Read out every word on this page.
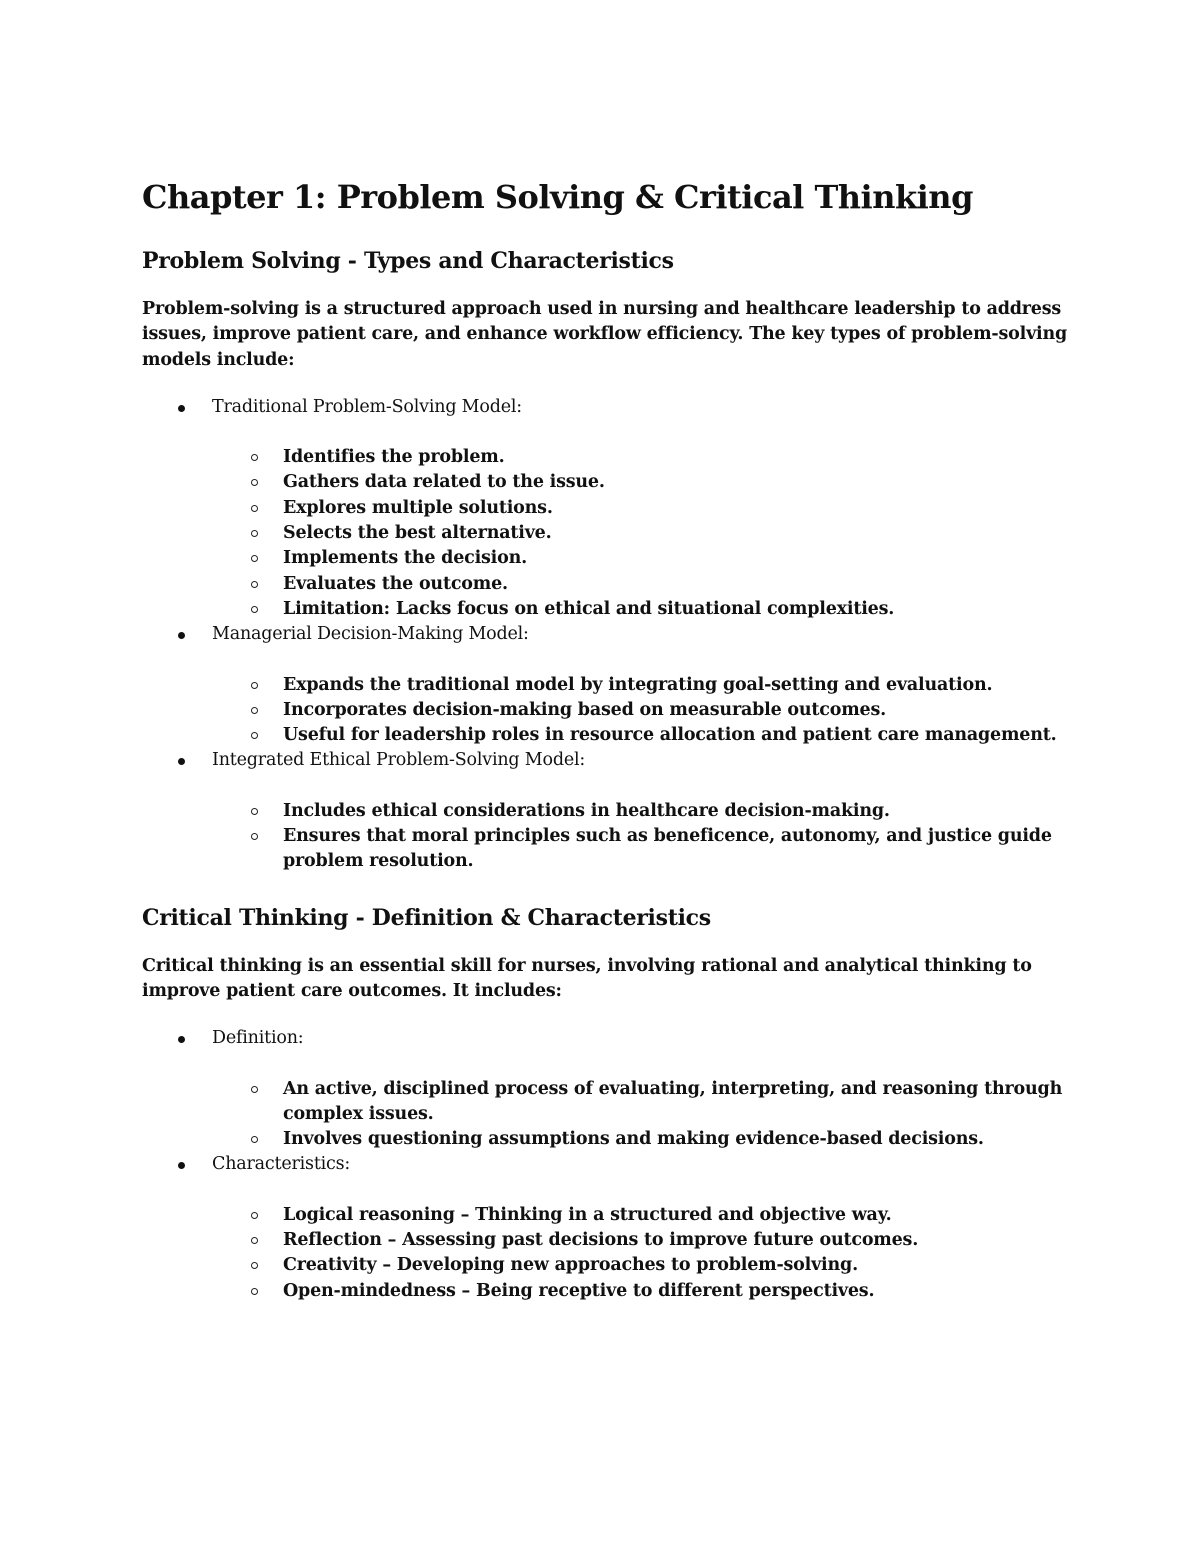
Chapter 1: Problem Solving & Critical Thinking
Problem Solving - Types and Characteristics

Problem-solving is a structured approach used in nursing and healthcare leadership to address issues, improve patient care, and enhance workflow efficiency. The key types of problem-solving models include:

Traditional Problem-Solving Model:
Identifies the problem.
Gathers data related to the issue.
Explores multiple solutions.
Selects the best alternative.
Implements the decision.
Evaluates the outcome.
Limitation: Lacks focus on ethical and situational complexities.
Managerial Decision-Making Model:
Expands the traditional model by integrating goal-setting and evaluation.
Incorporates decision-making based on measurable outcomes.
Useful for leadership roles in resource allocation and patient care management.
Integrated Ethical Problem-Solving Model:
Includes ethical considerations in healthcare decision-making.
Ensures that moral principles such as beneficence, autonomy, and justice guide problem resolution.
Critical Thinking - Definition & Characteristics

Critical thinking is an essential skill for nurses, involving rational and analytical thinking to improve patient care outcomes. It includes:

Definition:
An active, disciplined process of evaluating, interpreting, and reasoning through complex issues.
Involves questioning assumptions and making evidence-based decisions.
Characteristics:
Logical reasoning – Thinking in a structured and objective way.
Reflection – Assessing past decisions to improve future outcomes.
Creativity – Developing new approaches to problem-solving.
Open-mindedness – Being receptive to different perspectives.
